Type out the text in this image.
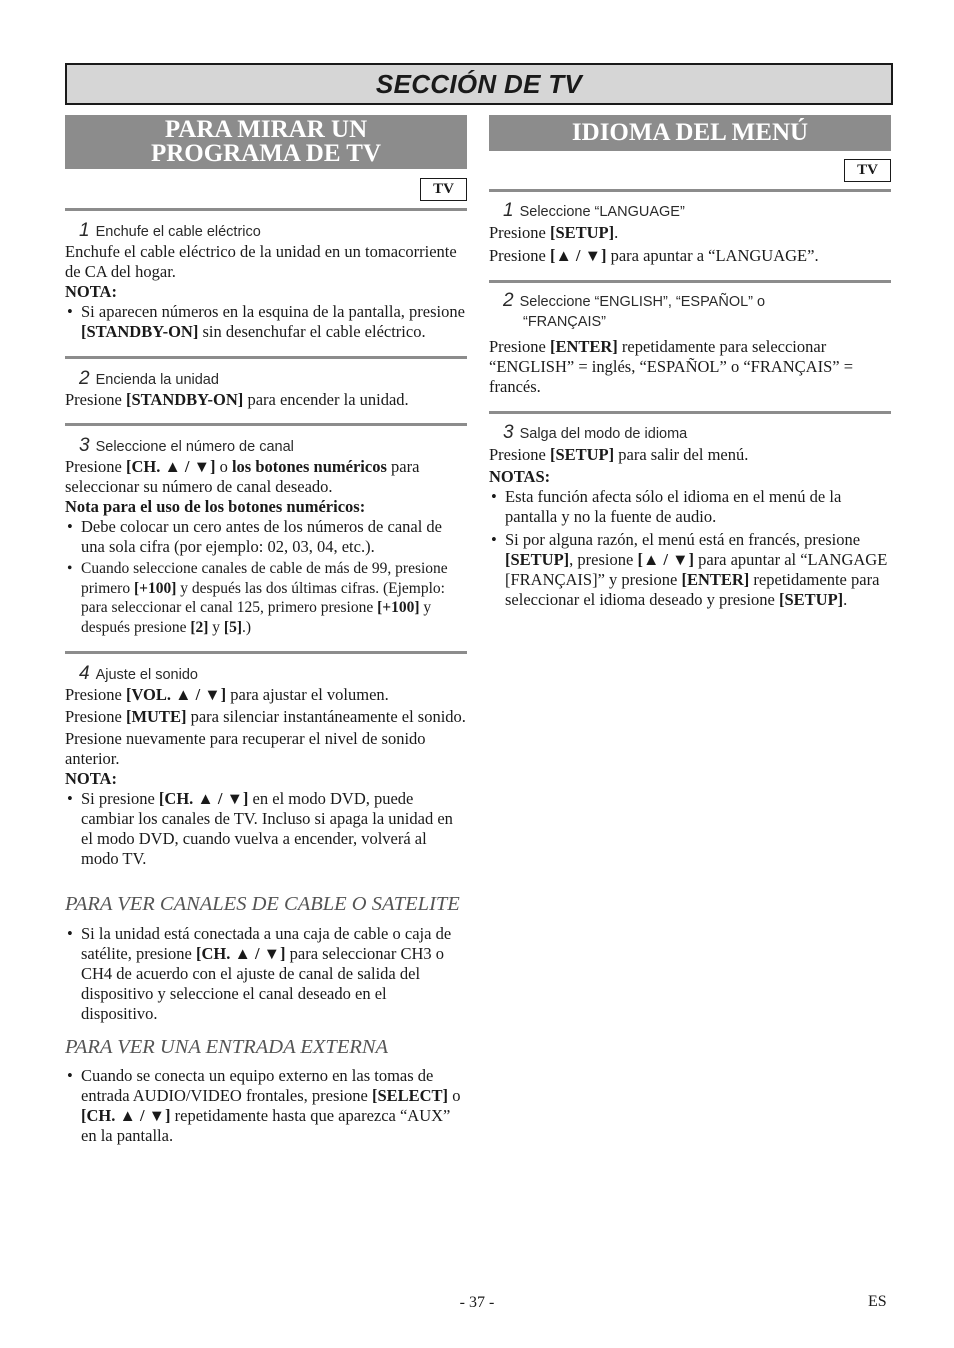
SECCIÓN DE TV
PARA MIRAR UN
PROGRAMA DE TV
TV
1 Enchufe el cable eléctrico

Enchufe el cable eléctrico de la unidad en un tomacorriente de CA del hogar.

NOTA:

• Si aparecen números en la esquina de la pantalla, presione [STANDBY-ON] sin desenchufar el cable eléctrico.
2 Encienda la unidad

Presione [STANDBY-ON] para encender la unidad.

3 Seleccione el número de canal

Presione [CH. ▲ / ▼] o los botones numéricos para seleccionar su número de canal deseado.

Nota para el uso de los botones numéricos:

• Debe colocar un cero antes de los números de canal de una sola cifra (por ejemplo: 02, 03, 04, etc.).
• Cuando seleccione canales de cable de más de 99, presione primero [+100] y después las dos últimas cifras. (Ejemplo: para seleccionar el canal 125, primero presione [+100] y después presione [2] y [5].)
4 Ajuste el sonido

Presione [VOL. ▲ / ▼] para ajustar el volumen.

Presione [MUTE] para silenciar instantáneamente el sonido.

Presione nuevamente para recuperar el nivel de sonido anterior.

NOTA:

• Si presione [CH. ▲ / ▼] en el modo DVD, puede cambiar los canales de TV. Incluso si apaga la unidad en el modo DVD, cuando vuelva a encender, volverá al modo TV.

PARA VER CANALES DE CABLE O SATELITE

• Si la unidad está conectada a una caja de cable o caja de satélite, presione [CH. ▲ / ▼] para seleccionar CH3 o CH4 de acuerdo con el ajuste de canal de salida del dispositivo y seleccione el canal deseado en el dispositivo.

PARA VER UNA ENTRADA EXTERNA

• Cuando se conecta un equipo externo en las tomas de entrada AUDIO/VIDEO frontales, presione [SELECT] o [CH. ▲ / ▼] repetidamente hasta que aparezca “AUX” en la pantalla.
IDIOMA DEL MENÚ
TV
1 Seleccione “LANGUAGE”

Presione [SETUP].

Presione [▲ / ▼] para apuntar a “LANGUAGE”.

2 Seleccione “ENGLISH”, “ESPAÑOL” o
“FRANÇAIS”

Presione [ENTER] repetidamente para seleccionar “ENGLISH” = inglés, “ESPAÑOL” o “FRANÇAIS” = francés.

3 Salga del modo de idioma

Presione [SETUP] para salir del menú.

NOTAS:

• Esta función afecta sólo el idioma en el menú de la pantalla y no la fuente de audio.
• Si por alguna razón, el menú está en francés, presione [SETUP], presione [▲ / ▼] para apuntar al “LANGAGE [FRANÇAIS]” y presione [ENTER] repetidamente para seleccionar el idioma deseado y presione [SETUP].
- 37 -	ES
